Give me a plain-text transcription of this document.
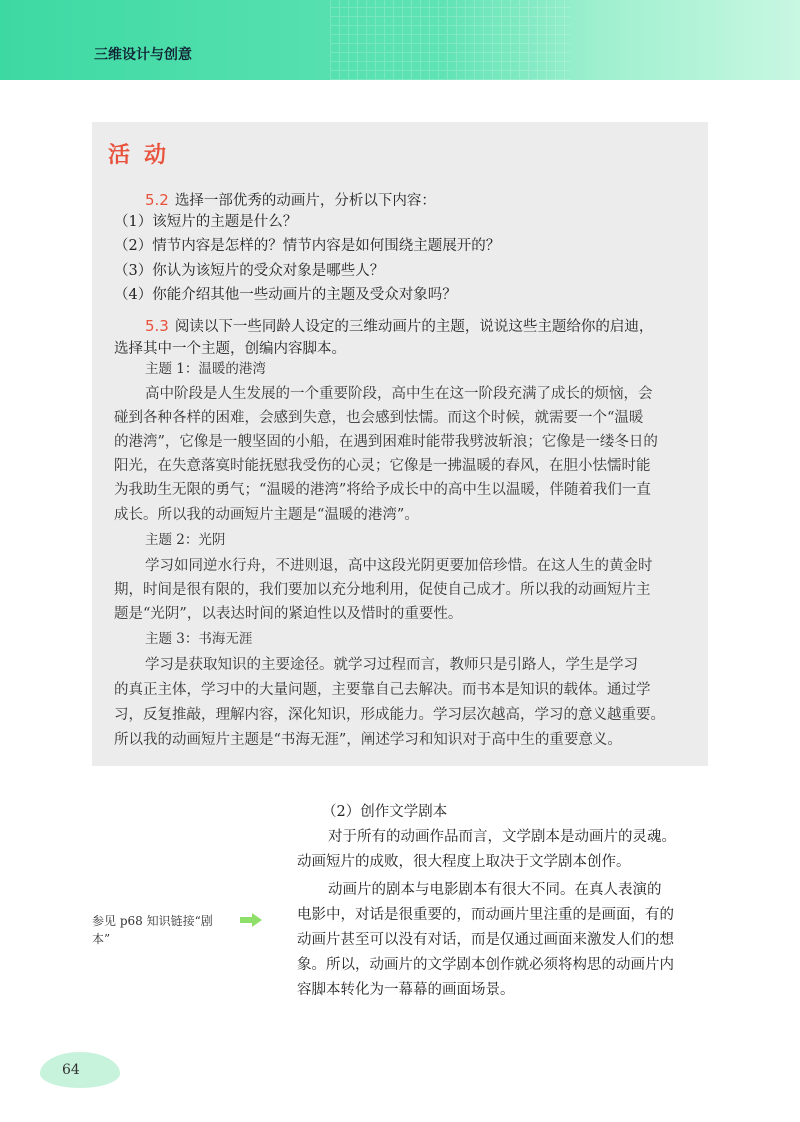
三维设计与创意
活动
5.2 选择一部优秀的动画片，分析以下内容：
（1）该短片的主题是什么？
（2）情节内容是怎样的？情节内容是如何围绕主题展开的？
（3）你认为该短片的受众对象是哪些人？
（4）你能介绍其他一些动画片的主题及受众对象吗？
5.3 阅读以下一些同龄人设定的三维动画片的主题，说说这些主题给你的启迪，
选择其中一个主题，创编内容脚本。
主题 1：温暖的港湾
高中阶段是人生发展的一个重要阶段，高中生在这一阶段充满了成长的烦恼，会
碰到各种各样的困难，会感到失意，也会感到怯懦。而这个时候，就需要一个“温暖
的港湾”，它像是一艘坚固的小船，在遇到困难时能带我劈波斩浪；它像是一缕冬日的
阳光，在失意落寞时能抚慰我受伤的心灵；它像是一拂温暖的春风，在胆小怯懦时能
为我助生无限的勇气；“温暖的港湾”将给予成长中的高中生以温暖，伴随着我们一直
成长。所以我的动画短片主题是“温暖的港湾”。
主题 2：光阴
学习如同逆水行舟，不进则退，高中这段光阴更要加倍珍惜。在这人生的黄金时
期，时间是很有限的，我们要加以充分地利用，促使自己成才。所以我的动画短片主
题是“光阴”，以表达时间的紧迫性以及惜时的重要性。
主题 3：书海无涯
学习是获取知识的主要途径。就学习过程而言，教师只是引路人，学生是学习
的真正主体，学习中的大量问题，主要靠自己去解决。而书本是知识的载体。通过学
习，反复推敲，理解内容，深化知识，形成能力。学习层次越高，学习的意义越重要。
所以我的动画短片主题是“书海无涯”，阐述学习和知识对于高中生的重要意义。
（2）创作文学剧本
对于所有的动画作品而言，文学剧本是动画片的灵魂。
动画短片的成败，很大程度上取决于文学剧本创作。
动画片的剧本与电影剧本有很大不同。在真人表演的
电影中，对话是很重要的，而动画片里注重的是画面，有的
动画片甚至可以没有对话，而是仅通过画面来激发人们的想
象。所以，动画片的文学剧本创作就必须将构思的动画片内
容脚本转化为一幕幕的画面场景。
参见 p68 知识链接“剧
本”
64
